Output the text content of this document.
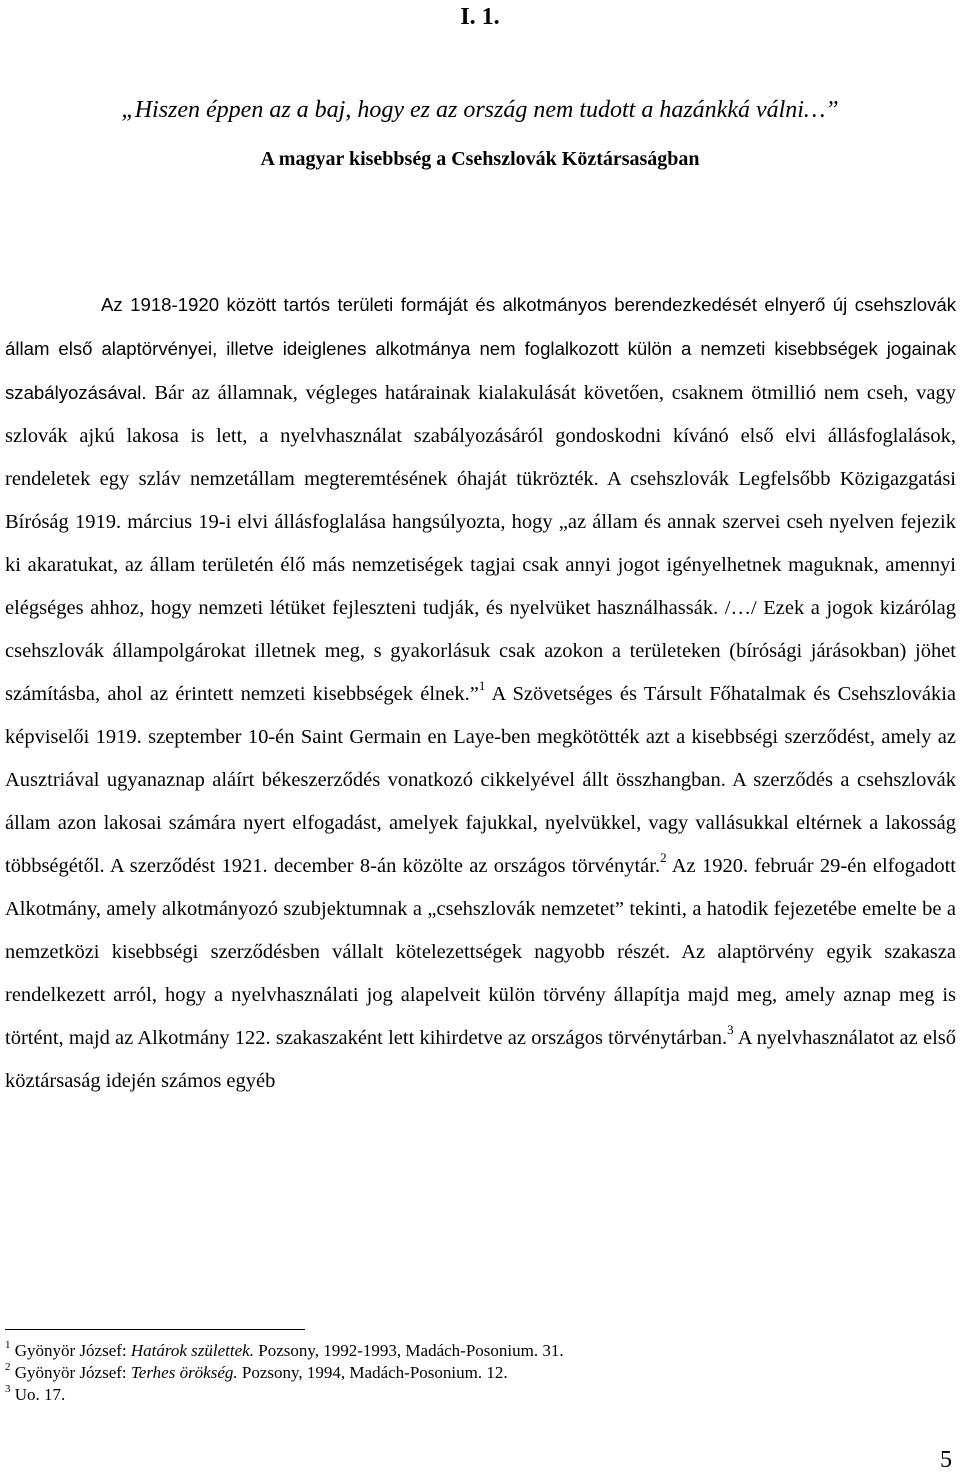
I. 1.
„Hiszen éppen az a baj, hogy ez az ország nem tudott a hazánkká válni…”
A magyar kisebbség a Csehszlovák Köztársaságban

Az 1918-1920 között tartós területi formáját és alkotmányos berendezkedését elnyerő új csehszlovák állam első alaptörvényei, illetve ideiglenes alkotmánya nem foglalkozott külön a nemzeti kisebbségek jogainak szabályozásával. Bár az államnak, végleges határainak kialakulását követően, csaknem ötmillió nem cseh, vagy szlovák ajkú lakosa is lett, a nyelvhasználat szabályozásáról gondoskodni kívánó első elvi állásfoglalások, rendeletek egy szláv nemzetállam megteremtésének óhaját tükrözték. A csehszlovák Legfelsőbb Közigazgatási Bíróság 1919. március 19-i elvi állásfoglalása hangsúlyozta, hogy „az állam és annak szervei cseh nyelven fejezik ki akaratukat, az állam területén élő más nemzetiségek tagjai csak annyi jogot igényelhetnek maguknak, amennyi elégséges ahhoz, hogy nemzeti létüket fejleszteni tudják, és nyelvüket használhassák. /…/ Ezek a jogok kizárólag csehszlovák állampolgárokat illetnek meg, s gyakorlásuk csak azokon a területeken (bírósági járásokban) jöhet számításba, ahol az érintett nemzeti kisebbségek élnek.”$^1$ A Szövetséges és Társult Főhatalmak és Csehszlovákia képviselői 1919. szeptember 10-én Saint Germain en Laye-ben megkötötték azt a kisebbségi szerződést, amely az Ausztriával ugyanaznap aláírt békeszerződés vonatkozó cikkelyével állt összhangban. A szerződés a csehszlovák állam azon lakosai számára nyert elfogadást, amelyek fajukkal, nyelvükkel, vagy vallásukkal eltérnek a lakosság többségétől. A szerződést 1921. december 8-án közölte az országos törvénytár.$^2$ Az 1920. február 29-én elfogadott Alkotmány, amely alkotmányozó szubjektumnak a „csehszlovák nemzetet” tekinti, a hatodik fejezetébe emelte be a nemzetközi kisebbségi szerződésben vállalt kötelezettségek nagyobb részét. Az alaptörvény egyik szakasza rendelkezett arról, hogy a nyelvhasználati jog alapelveit külön törvény állapítja majd meg, amely aznap meg is történt, majd az Alkotmány 122. szakaszaként lett kihirdetve az országos törvénytárban.$^3$ A nyelvhasználatot az első köztársaság idején számos egyéb

$^1$ Gyönyör József: Határok születtek. Pozsony, 1992-1993, Madách-Posonium. 31.
$^2$ Gyönyör József: Terhes örökség. Pozsony, 1994, Madách-Posonium. 12.
$^3$ Uo. 17.
5
